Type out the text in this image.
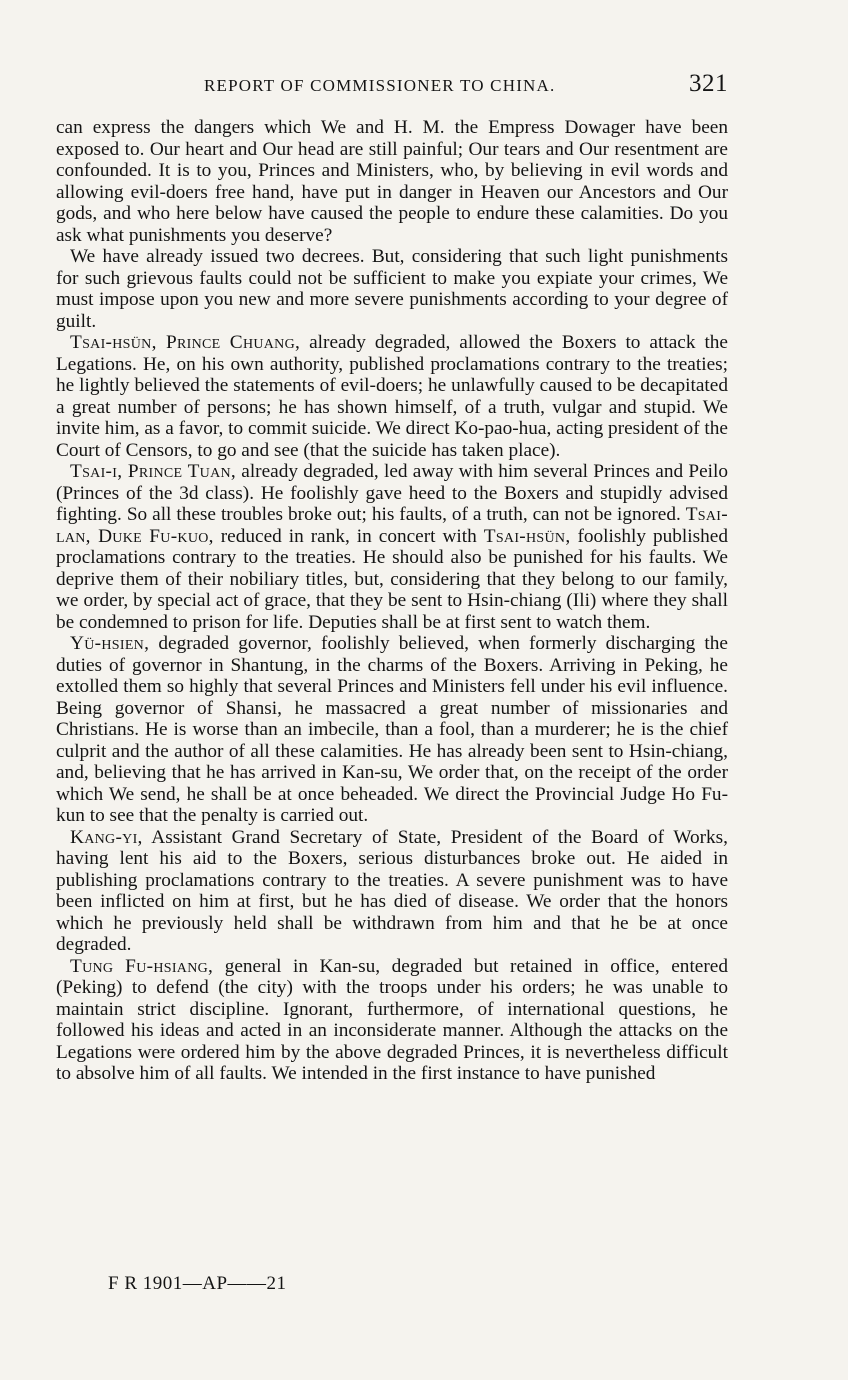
REPORT OF COMMISSIONER TO CHINA.	321

can express the dangers which We and H. M. the Empress Dowager have been exposed to. Our heart and Our head are still painful; Our tears and Our resentment are confounded. It is to you, Princes and Ministers, who, by believing in evil words and allowing evil-doers free hand, have put in danger in Heaven our Ancestors and Our gods, and who here below have caused the people to endure these calamities. Do you ask what punishments you deserve?

We have already issued two decrees. But, considering that such light punishments for such grievous faults could not be sufficient to make you expiate your crimes, We must impose upon you new and more severe punishments according to your degree of guilt.

Tsai-hsün, Prince Chuang, already degraded, allowed the Boxers to attack the Legations. He, on his own authority, published proclamations contrary to the treaties; he lightly believed the statements of evil-doers; he unlawfully caused to be decapitated a great number of persons; he has shown himself, of a truth, vulgar and stupid. We invite him, as a favor, to commit suicide. We direct Ko-pao-hua, acting president of the Court of Censors, to go and see (that the suicide has taken place).

Tsai-i, Prince Tuan, already degraded, led away with him several Princes and Peilo (Princes of the 3d class). He foolishly gave heed to the Boxers and stupidly advised fighting. So all these troubles broke out; his faults, of a truth, can not be ignored. Tsai-lan, Duke Fu-kuo, reduced in rank, in concert with Tsai-hsün, foolishly published proclamations contrary to the treaties. He should also be punished for his faults. We deprive them of their nobiliary titles, but, considering that they belong to our family, we order, by special act of grace, that they be sent to Hsin-chiang (Ili) where they shall be condemned to prison for life. Deputies shall be at first sent to watch them.

Yü-hsien, degraded governor, foolishly believed, when formerly discharging the duties of governor in Shantung, in the charms of the Boxers. Arriving in Peking, he extolled them so highly that several Princes and Ministers fell under his evil influence. Being governor of Shansi, he massacred a great number of missionaries and Christians. He is worse than an imbecile, than a fool, than a murderer; he is the chief culprit and the author of all these calamities. He has already been sent to Hsin-chiang, and, believing that he has arrived in Kan-su, We order that, on the receipt of the order which We send, he shall be at once beheaded. We direct the Provincial Judge Ho Fu-kun to see that the penalty is carried out.

Kang-yi, Assistant Grand Secretary of State, President of the Board of Works, having lent his aid to the Boxers, serious disturbances broke out. He aided in publishing proclamations contrary to the treaties. A severe punishment was to have been inflicted on him at first, but he has died of disease. We order that the honors which he previously held shall be withdrawn from him and that he be at once degraded.

Tung Fu-hsiang, general in Kan-su, degraded but retained in office, entered (Peking) to defend (the city) with the troops under his orders; he was unable to maintain strict discipline. Ignorant, furthermore, of international questions, he followed his ideas and acted in an inconsiderate manner. Although the attacks on the Legations were ordered him by the above degraded Princes, it is nevertheless difficult to absolve him of all faults. We intended in the first instance to have punished

F R 1901—AP——21
